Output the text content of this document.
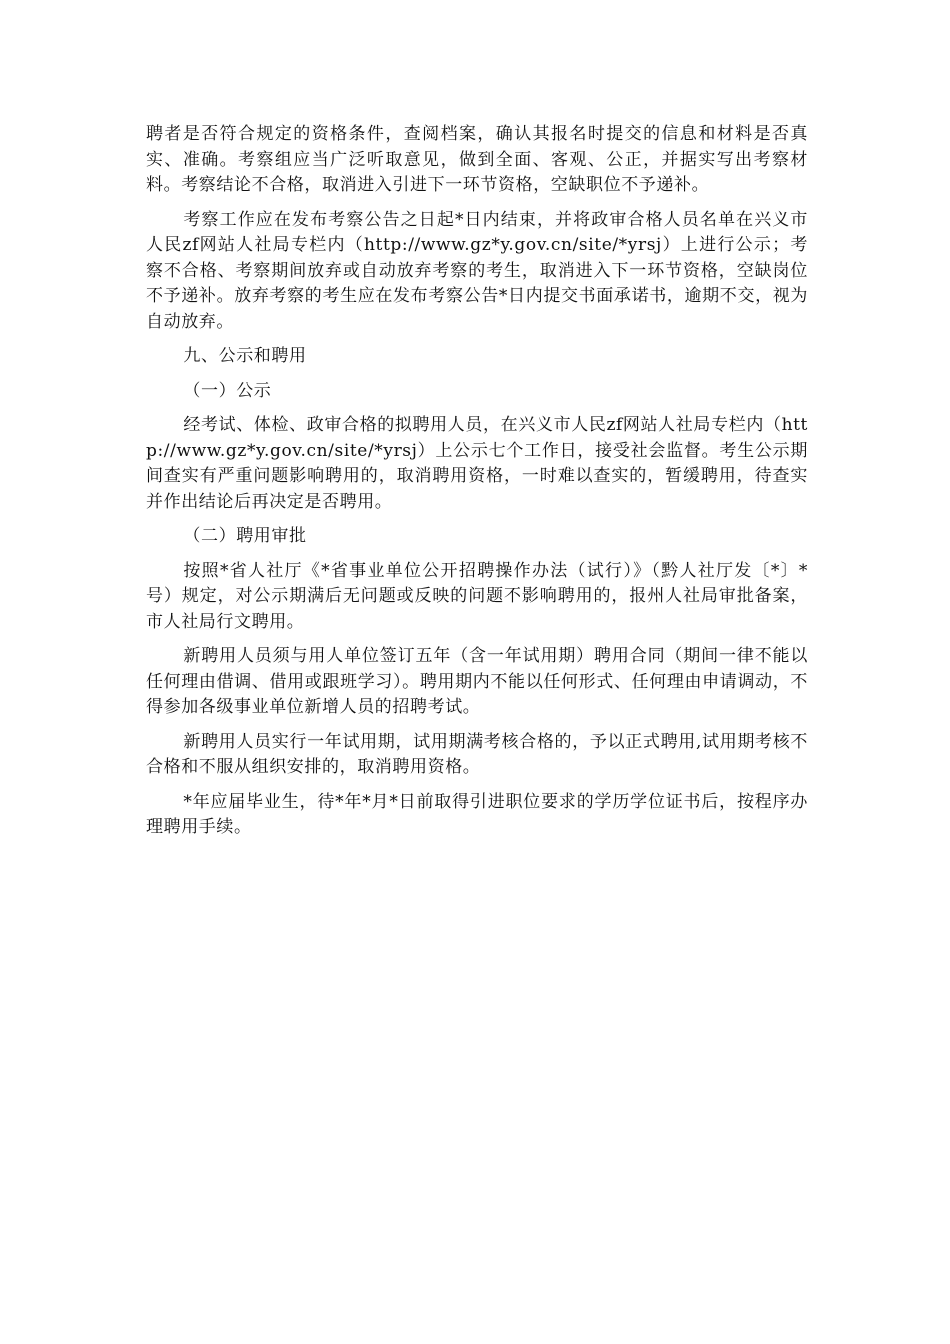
聘者是否符合规定的资格条件，查阅档案，确认其报名时提交的信息和材料是否真实、准确。考察组应当广泛听取意见，做到全面、客观、公正，并据实写出考察材料。考察结论不合格，取消进入引进下一环节资格，空缺职位不予递补。

考察工作应在发布考察公告之日起*日内结束，并将政审合格人员名单在兴义市人民zf网站人社局专栏内（http://www.gz*y.gov.cn/site/*yrsj）上进行公示；考察不合格、考察期间放弃或自动放弃考察的考生，取消进入下一环节资格，空缺岗位不予递补。放弃考察的考生应在发布考察公告*日内提交书面承诺书，逾期不交，视为自动放弃。

九、公示和聘用

（一）公示

经考试、体检、政审合格的拟聘用人员，在兴义市人民zf网站人社局专栏内（http://www.gz*y.gov.cn/site/*yrsj）上公示七个工作日，接受社会监督。考生公示期间查实有严重问题影响聘用的，取消聘用资格，一时难以查实的，暂缓聘用，待查实并作出结论后再决定是否聘用。

（二）聘用审批

按照*省人社厅《*省事业单位公开招聘操作办法（试行）》（黔人社厅发〔*〕*号）规定，对公示期满后无问题或反映的问题不影响聘用的，报州人社局审批备案，市人社局行文聘用。

新聘用人员须与用人单位签订五年（含一年试用期）聘用合同（期间一律不能以任何理由借调、借用或跟班学习）。聘用期内不能以任何形式、任何理由申请调动，不得参加各级事业单位新增人员的招聘考试。

新聘用人员实行一年试用期，试用期满考核合格的，予以正式聘用,试用期考核不合格和不服从组织安排的，取消聘用资格。

*年应届毕业生，待*年*月*日前取得引进职位要求的学历学位证书后，按程序办理聘用手续。
